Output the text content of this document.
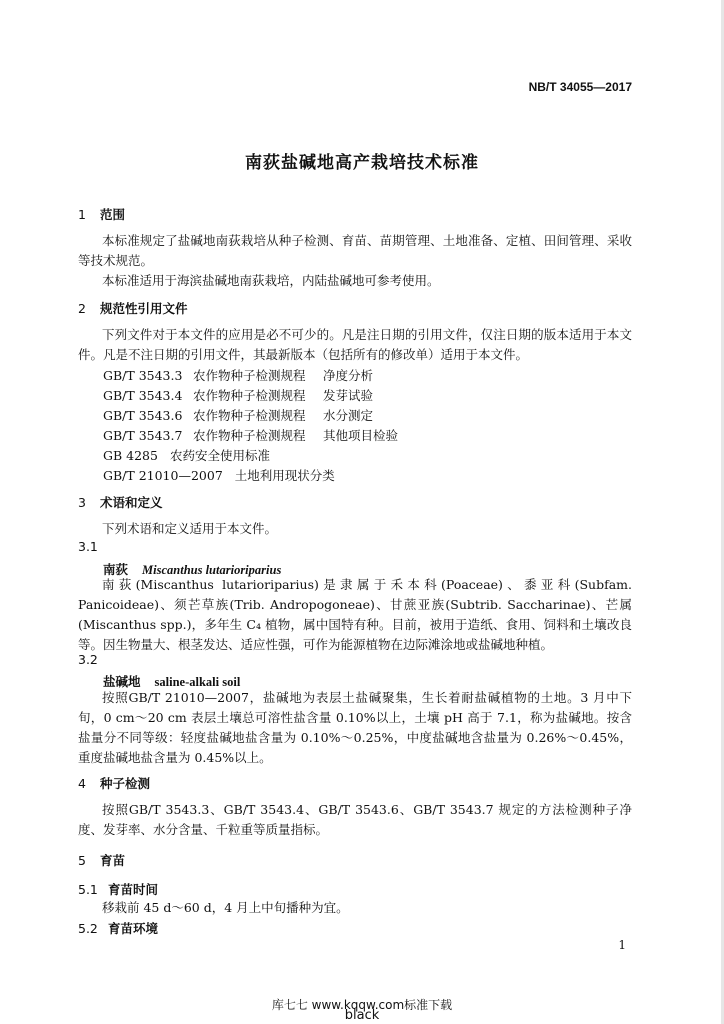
NB/T 34055—2017
南荻盐碱地高产栽培技术标准
1 范围
本标准规定了盐碱地南荻栽培从种子检测、育苗、苗期管理、土地准备、定植、田间管理、采收等技术规范。
本标准适用于海滨盐碱地南荻栽培，内陆盐碱地可参考使用。
2 规范性引用文件
下列文件对于本文件的应用是必不可少的。凡是注日期的引用文件，仅注日期的版本适用于本文件。凡是不注日期的引用文件，其最新版本（包括所有的修改单）适用于本文件。
GB/T 3543.3 农作物种子检测规程 净度分析
GB/T 3543.4 农作物种子检测规程 发芽试验
GB/T 3543.6 农作物种子检测规程 水分测定
GB/T 3543.7 农作物种子检测规程 其他项目检验
GB 4285 农药安全使用标准
GB/T 21010—2007 土地利用现状分类
3 术语和定义
下列术语和定义适用于本文件。
3.1
南荻 Miscanthus lutarioriparius
南荻(Miscanthus lutarioriparius)是隶属于禾本科(Poaceae)、黍亚科(Subfam. Panicoideae)、须芒草族(Trib. Andropogoneae)、甘蔗亚族(Subtrib. Saccharinae)、芒属(Miscanthus spp.)，多年生 C₄ 植物，属中国特有种。目前，被用于造纸、食用、饲料和土壤改良等。因生物量大、根茎发达、适应性强，可作为能源植物在边际滩涂地或盐碱地种植。
3.2
盐碱地 saline-alkali soil
按照GB/T 21010—2007，盐碱地为表层土盐碱聚集，生长着耐盐碱植物的土地。3 月中下旬，0 cm～20 cm 表层土壤总可溶性盐含量 0.10%以上，土壤 pH 高于 7.1，称为盐碱地。按含盐量分不同等级：轻度盐碱地盐含量为 0.10%～0.25%，中度盐碱地含盐量为 0.26%～0.45%，重度盐碱地盐含量为 0.45%以上。
4 种子检测
按照GB/T 3543.3、GB/T 3543.4、GB/T 3543.6、GB/T 3543.7 规定的方法检测种子净度、发芽率、水分含量、千粒重等质量指标。
5 育苗
5.1 育苗时间
移栽前 45 d～60 d，4 月上中旬播种为宜。
5.2 育苗环境
1
库七七 www.kqqw.com标准下载
black
